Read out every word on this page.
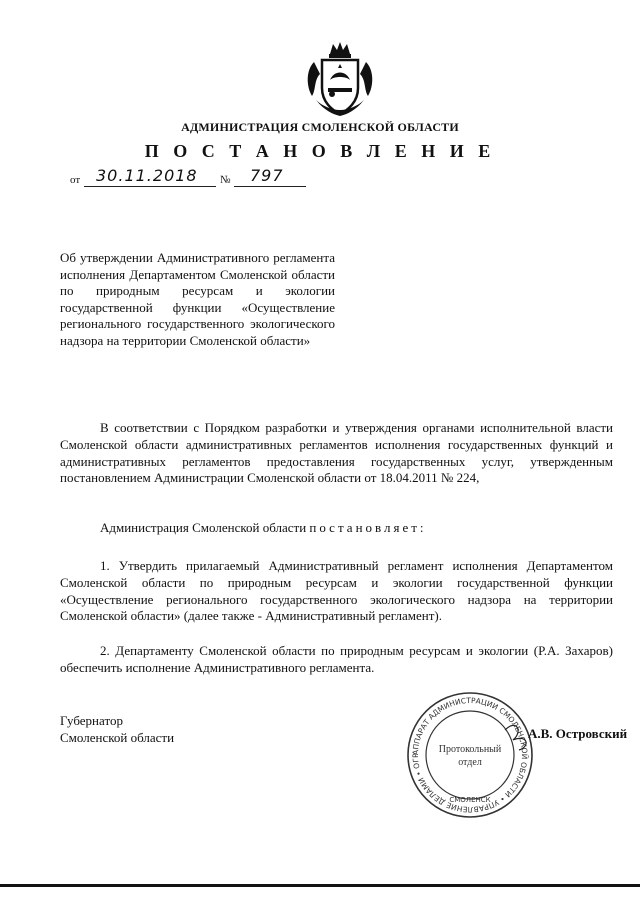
АДМИНИСТРАЦИЯ СМОЛЕНСКОЙ ОБЛАСТИ
П О С Т А Н О В Л Е Н И Е
от 30.11.2018 № 797
Об утверждении Административного регламента исполнения Департаментом Смоленской области по природным ресурсам и экологии государственной функции «Осуществление регионального государственного экологического надзора на территории Смоленской области»
В соответствии с Порядком разработки и утверждения органами исполнительной власти Смоленской области административных регламентов исполнения государственных функций и административных регламентов предоставления государственных услуг, утвержденным постановлением Администрации Смоленской области от 18.04.2011 № 224,
Администрация Смоленской области постановляет:
1. Утвердить прилагаемый Административный регламент исполнения Департаментом Смоленской области по природным ресурсам и экологии государственной функции «Осуществление регионального государственного экологического надзора на территории Смоленской области» (далее также - Административный регламент).
2. Департаменту Смоленской области по природным ресурсам и экологии (Р.А. Захаров) обеспечить исполнение Административного регламента.
Губернатор
Смоленской области
АППАРАТ АДМИНИСТРАЦИИ СМОЛЕНСКОЙ ОБЛАСТИ • УПРАВЛЕНИЕ ДЕЛАМИ • ОГР
Протокольный
отдел
СМОЛЕНСК
А.В. Островский
